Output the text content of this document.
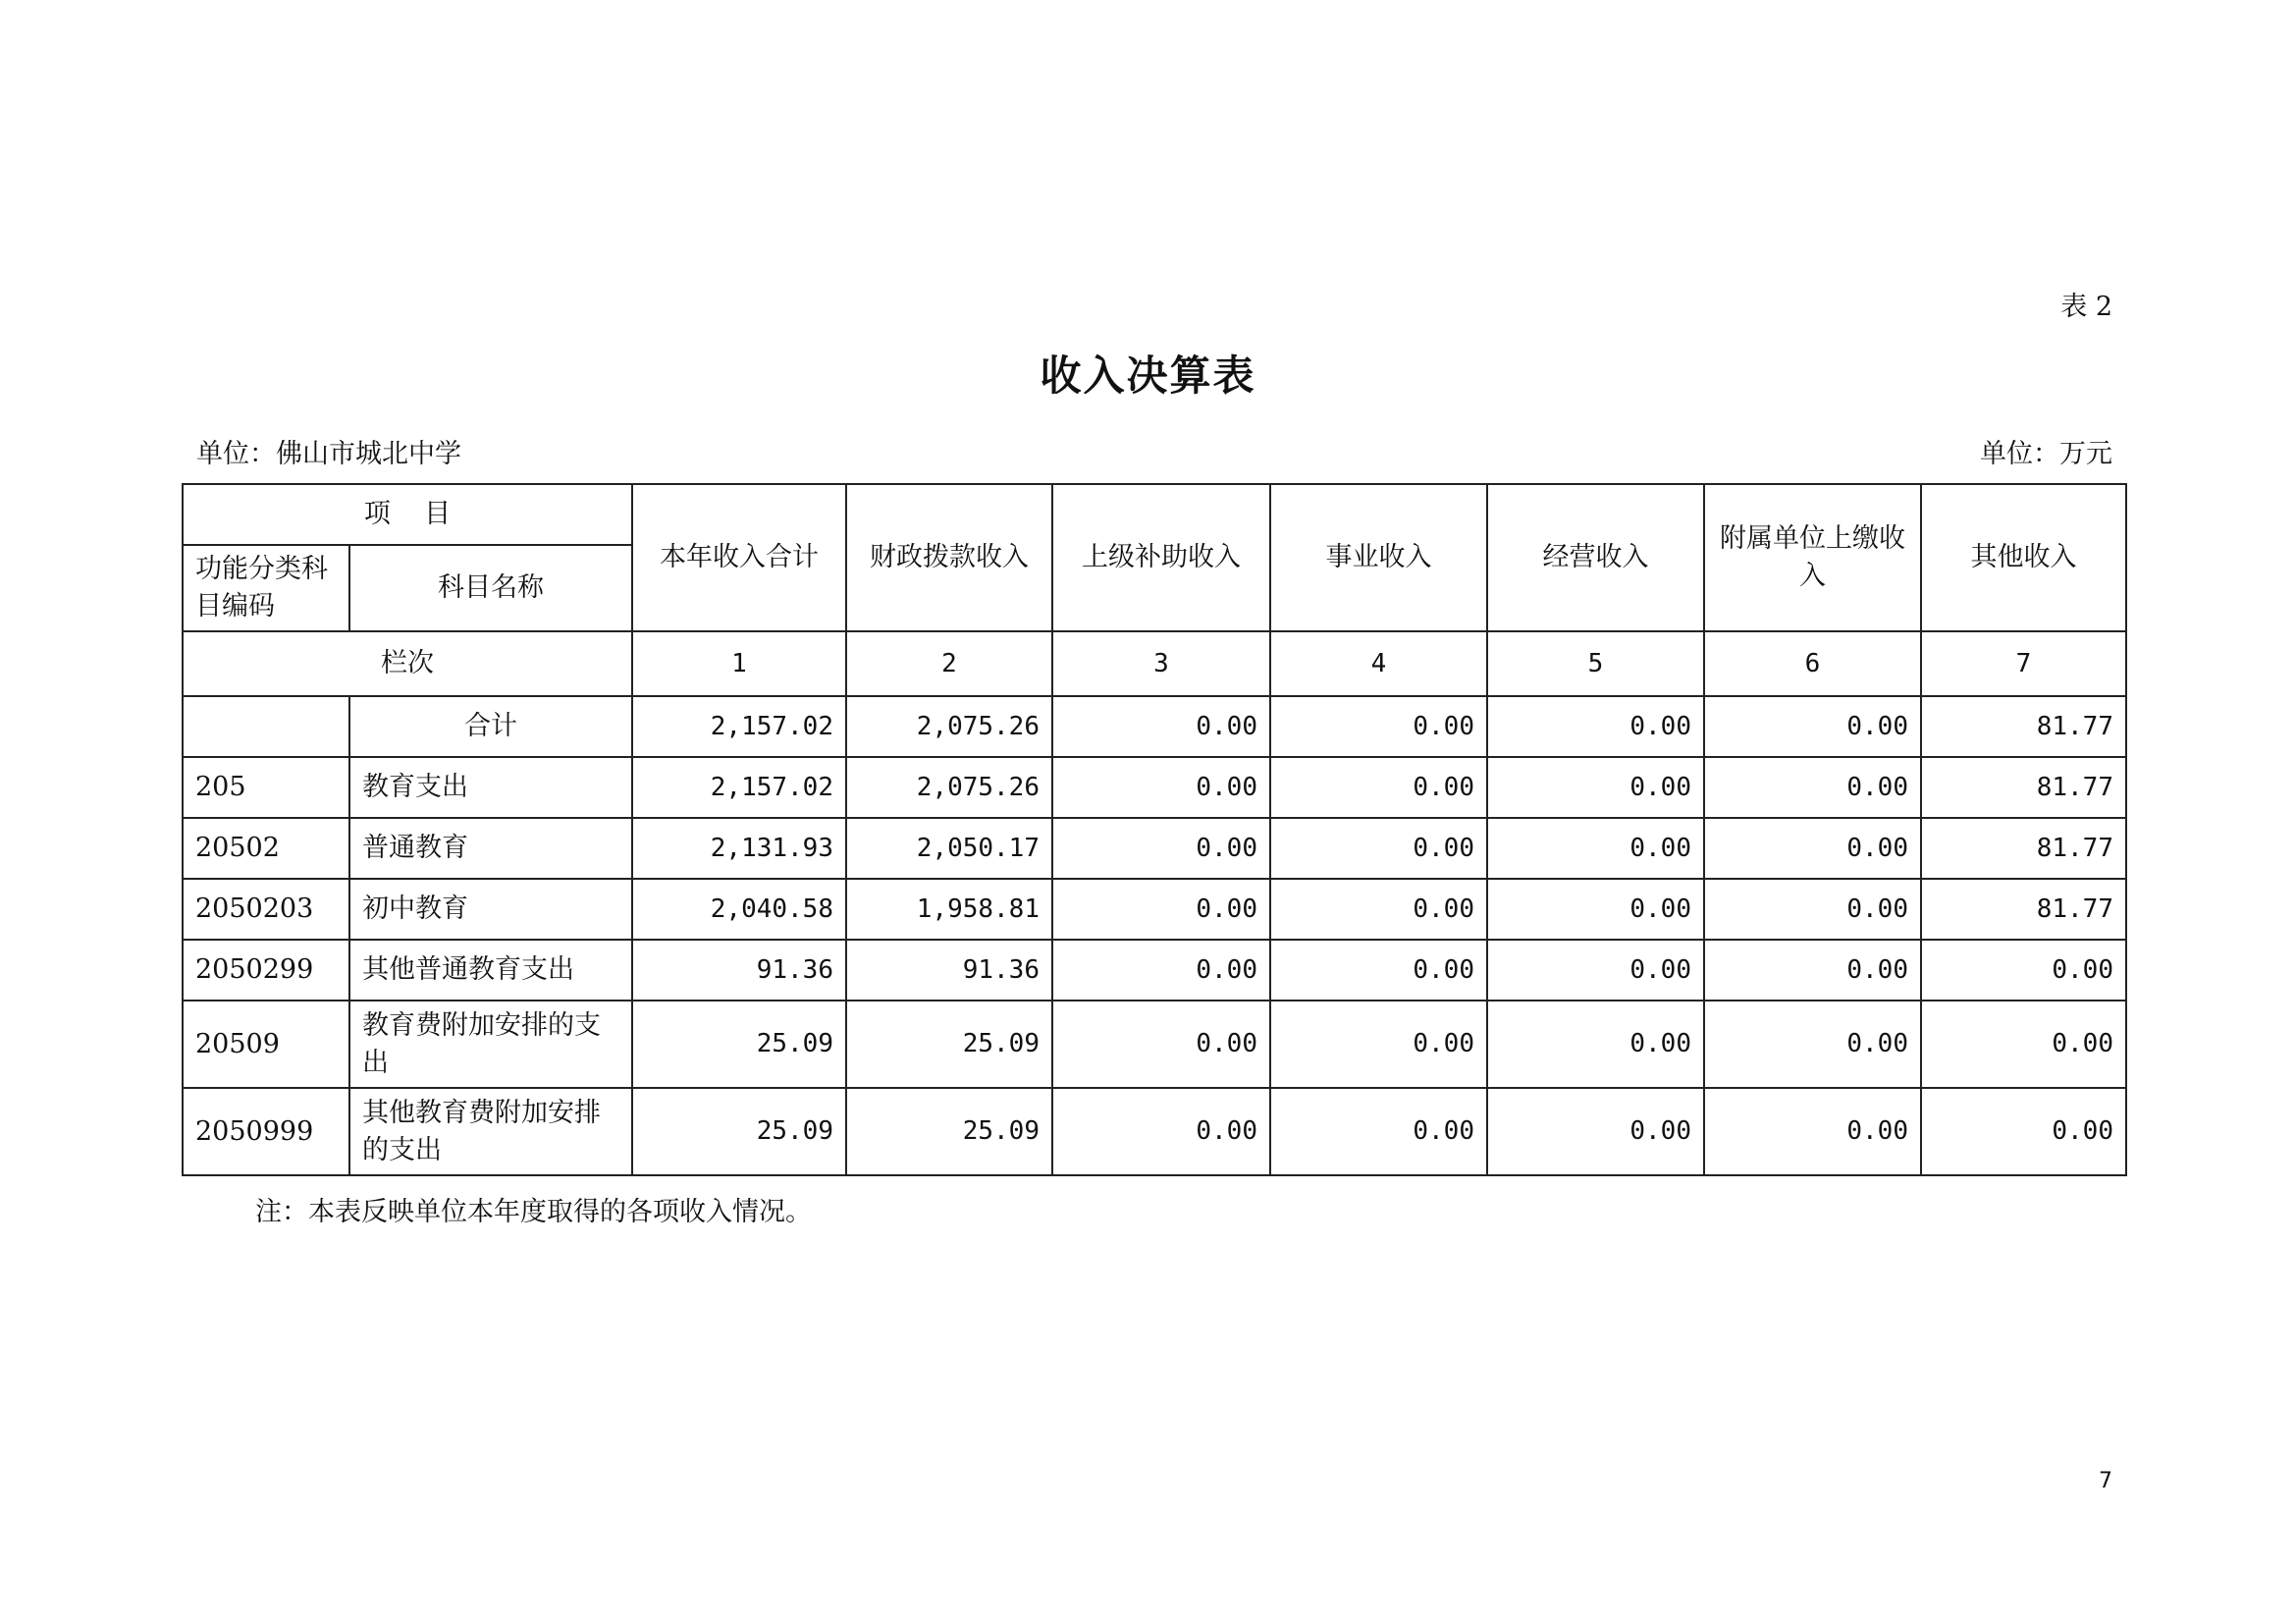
表 2
收入决算表
单位：佛山市城北中学	单位：万元
项    目		本年收入合计	财政拨款收入	上级补助收入	事业收入	经营收入	附属单位上缴收入	其他收入
功能分类科目编码	科目名称							
栏次		1	2	3	4	5	6	7
	合计	2,157.02	2,075.26	0.00	0.00	0.00	0.00	81.77
205	教育支出	2,157.02	2,075.26	0.00	0.00	0.00	0.00	81.77
20502	普通教育	2,131.93	2,050.17	0.00	0.00	0.00	0.00	81.77
2050203	初中教育	2,040.58	1,958.81	0.00	0.00	0.00	0.00	81.77
2050299	其他普通教育支出	91.36	91.36	0.00	0.00	0.00	0.00	0.00
20509	教育费附加安排的支出	25.09	25.09	0.00	0.00	0.00	0.00	0.00
2050999	其他教育费附加安排的支出	25.09	25.09	0.00	0.00	0.00	0.00	0.00
注：本表反映单位本年度取得的各项收入情况。
7
